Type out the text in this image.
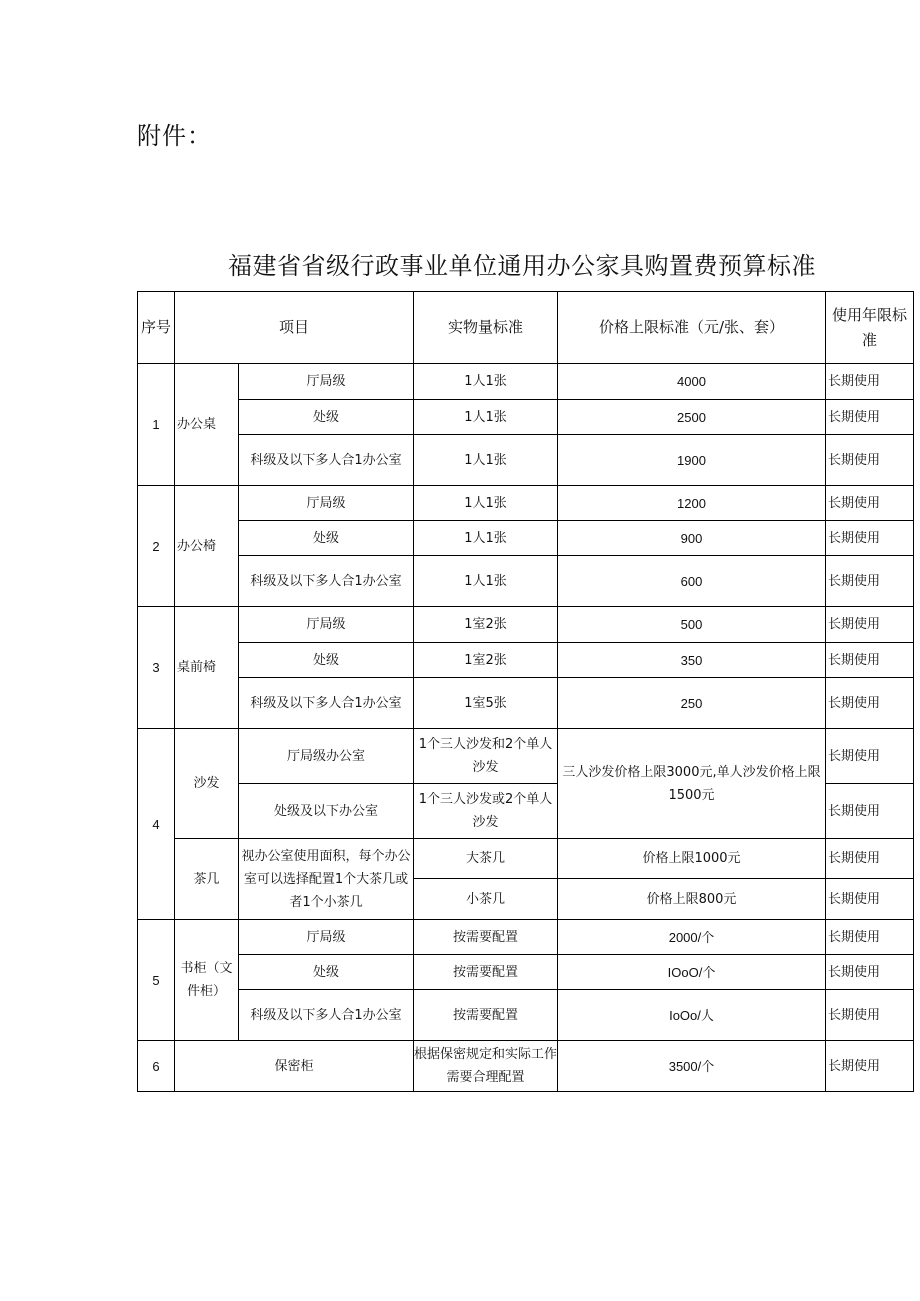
附件：
福建省省级行政事业单位通用办公家具购置费预算标准
序号	项目		实物量标准	价格上限标准（元/张、套）	使用年限标准
1	办公桌	厅局级	1人1张	4000	长期使用
		处级	1人1张	2500	长期使用
		科级及以下多人合1办公室	1人1张	1900	长期使用
2	办公椅	厅局级	1人1张	1200	长期使用
		处级	1人1张	900	长期使用
		科级及以下多人合1办公室	1人1张	600	长期使用
3	桌前椅	厅局级	1室2张	500	长期使用
		处级	1室2张	350	长期使用
		科级及以下多人合1办公室	1室5张	250	长期使用
4	沙发	厅局级办公室	1个三人沙发和2个单人沙发	三人沙发价格上限3000元,单人沙发价格上限1500元	长期使用
		处级及以下办公室	1个三人沙发或2个单人沙发		长期使用
	茶几	视办公室使用面积，每个办公室可以选择配置1个大茶几或者1个小茶几	大茶几	价格上限1000元	长期使用
			小茶几	价格上限800元	长期使用
5	书柜（文件柜）	厅局级	按需要配置	2000/个	长期使用
		处级	按需要配置	IOoO/个	长期使用
		科级及以下多人合1办公室	按需要配置	IoOo/人	长期使用
6	保密柜		根据保密规定和实际工作需要合理配置	3500/个	长期使用
